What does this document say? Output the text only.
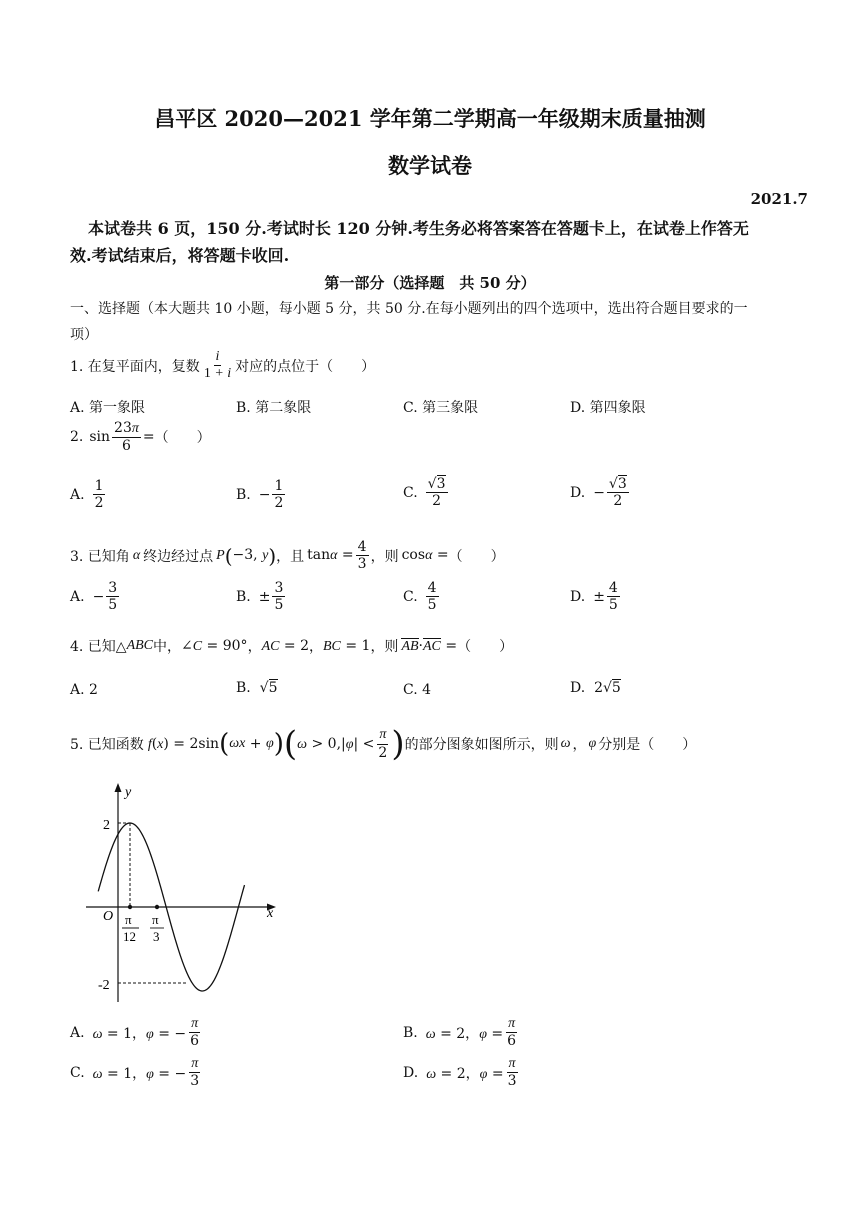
昌平区 2020—2021 学年第二学期高一年级期末质量抽测
数学试卷
2021.7
本试卷共 6 页，150 分.考试时长 120 分钟.考生务必将答案答在答题卡上，在试卷上作答无
效.考试结束后，将答题卡收回.
第一部分（选择题　共 50 分）
一、选择题（本大题共 10 小题，每小题 5 分，共 50 分.在每小题列出的四个选项中，选出符合题目要求的一
项）
1. 在复平面内，复数 $\frac{i}{1 + i}$ 对应的点位于（　　）
A. 第一象限	B. 第二象限	C. 第三象限	D. 第四象限
2. $\sin \frac{23\pi}{6}$ = （　　）
A. $\frac{1}{2}$	B. − $\frac{1}{2}$	C. $\frac{√3}{2}$	D. − $\frac{√3}{2}$
3. 已知角 α 终边经过点 P ( −3, y ) ，且 $\tan\alpha = \frac{4}{3}$ ，则 cosα = （　　）
A. − $\frac{3}{5}$	B. ± $\frac{3}{5}$	C. $\frac{4}{5}$	D. ± $\frac{4}{5}$
4. 已知△ ABC 中， ∠C = 90° ， AC = 2 ， BC = 1 ，则 AB·AC = （　　）
A. 2	B.  √5	C. 4	D.  2√5
5. 已知函数 f(x) = 2sin ( ωx + φ ) ( $\omega > 0,|\varphi| < \frac{\pi}{2}$ ) 的部分图象如图所示，则 ω ， φ 分别是（　　）
y
x
O
2
-2
π
12
π
3
A. ω = 1，φ = − $\frac{\pi}{6}$	B. ω = 2，$\varphi = \frac{\pi}{6}$
C. ω = 1，φ = − $\frac{\pi}{3}$	D. ω = 2，$\varphi = \frac{\pi}{3}$
